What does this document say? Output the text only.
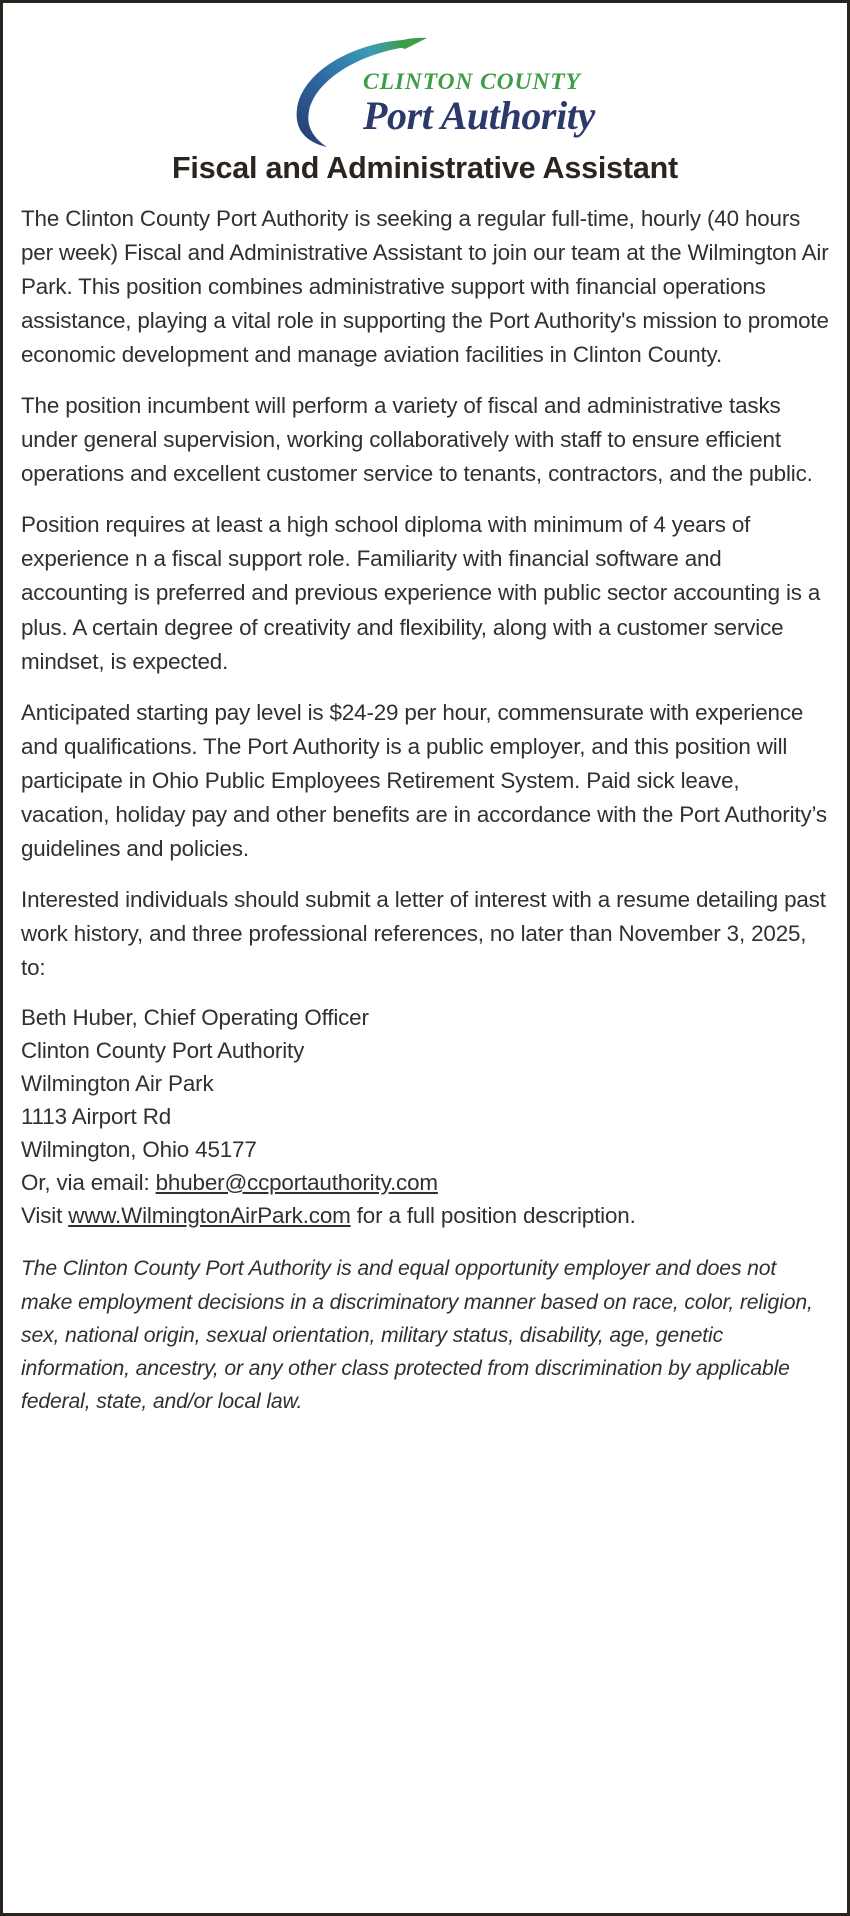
CLINTON COUNTY
Port Authority
Fiscal and Administrative Assistant

The Clinton County Port Authority is seeking a regular full-time, hourly (40 hours per week) Fiscal and Administrative Assistant to join our team at the Wilmington Air Park. This position combines administrative support with financial operations assistance, playing a vital role in supporting the Port Authority's mission to promote economic development and manage aviation facilities in Clinton County.

The position incumbent will perform a variety of fiscal and administrative tasks under general supervision, working collaboratively with staff to ensure efficient operations and excellent customer service to tenants, contractors, and the public.

Position requires at least a high school diploma with minimum of 4 years of experience n a fiscal support role. Familiarity with financial software and accounting is preferred and previous experience with public sector accounting is a plus. A certain degree of creativity and flexibility, along with a customer service mindset, is expected.

Anticipated starting pay level is $24-29 per hour, commensurate with experience and qualifications. The Port Authority is a public employer, and this position will participate in Ohio Public Employees Retirement System. Paid sick leave, vacation, holiday pay and other benefits are in accordance with the Port Authority’s guidelines and policies.

Interested individuals should submit a letter of interest with a resume detailing past work history, and three professional references, no later than November 3, 2025, to:

Beth Huber, Chief Operating Officer
Clinton County Port Authority
Wilmington Air Park
1113 Airport Rd
Wilmington, Ohio 45177
Or, via email: bhuber@ccportauthority.com
Visit www.WilmingtonAirPark.com for a full position description.

The Clinton County Port Authority is and equal opportunity employer and does not make employment decisions in a discriminatory manner based on race, color, religion, sex, national origin, sexual orientation, military status, disability, age, genetic information, ancestry, or any other class protected from discrimination by applicable federal, state, and/or local law.
